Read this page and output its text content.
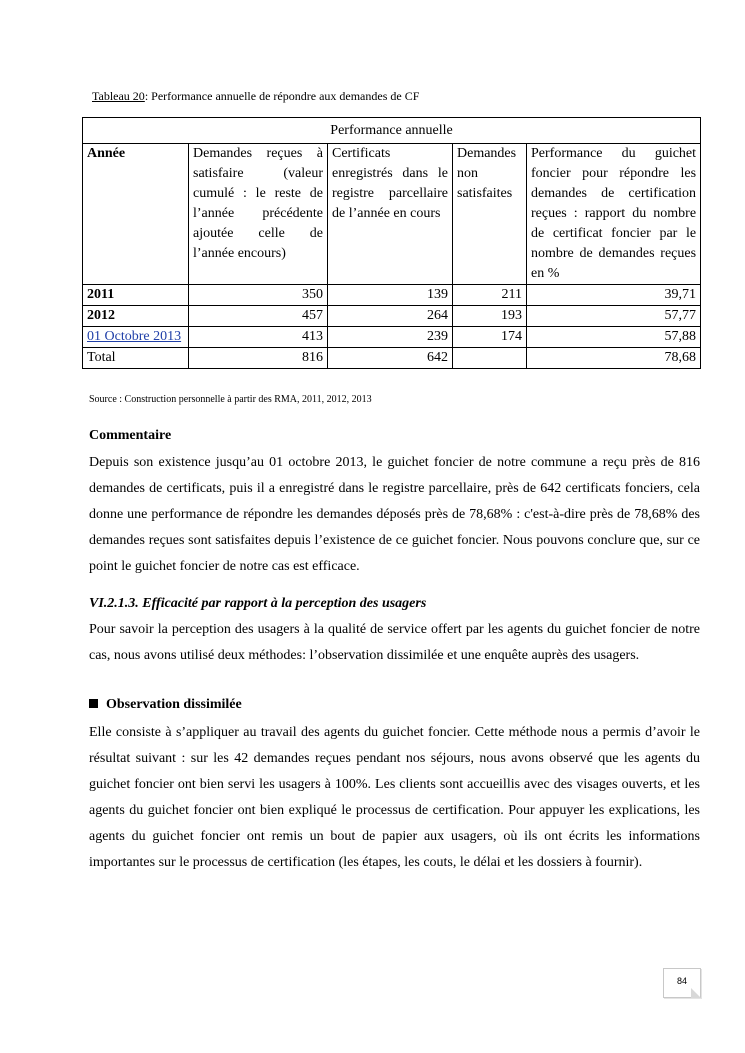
Tableau 20: Performance annuelle de répondre aux demandes de CF
Performance annuelle				
Année	Demandes reçues à satisfaire (valeur cumulé : le reste de l’année précédente ajoutée celle de l’année encours)	Certificats enregistrés dans le registre parcellaire de l’année en cours	Demandes non satisfaites	Performance du guichet foncier pour répondre les demandes de certification reçues : rapport du nombre de certificat foncier par le nombre de demandes reçues en %
2011	350	139	211	39,71
2012	457	264	193	57,77
01 Octobre 2013	413	239	174	57,88
Total	816	642		78,68
Source : Construction personnelle à partir des RMA, 2011, 2012, 2013
Commentaire
Depuis son existence jusqu’au 01 octobre 2013, le guichet foncier de notre commune a reçu près de 816 demandes de certificats, puis il a enregistré dans le registre parcellaire, près de 642 certificats fonciers, cela donne une performance de répondre les demandes déposés près de 78,68% : c'est-à-dire près de 78,68% des demandes reçues sont satisfaites depuis l’existence de ce guichet foncier. Nous pouvons conclure que, sur ce point le guichet foncier de notre cas est efficace.
VI.2.1.3. Efficacité par rapport à la perception des usagers
Pour savoir la perception des usagers à la qualité de service offert par les agents du guichet foncier de notre cas, nous avons utilisé deux méthodes: l’observation dissimilée et une enquête auprès des usagers.
Observation dissimilée
Elle consiste à s’appliquer au travail des agents du guichet foncier. Cette méthode nous a permis d’avoir le résultat suivant : sur les 42 demandes reçues pendant nos séjours, nous avons observé que les agents du guichet foncier ont bien servi les usagers à 100%. Les clients sont accueillis avec des visages ouverts, et les agents du guichet foncier ont bien expliqué le processus de certification. Pour appuyer les explications, les agents du guichet foncier ont remis un bout de papier aux usagers, où ils ont écrits les informations importantes sur le processus de certification (les étapes, les couts, le délai et les dossiers à fournir).
84
